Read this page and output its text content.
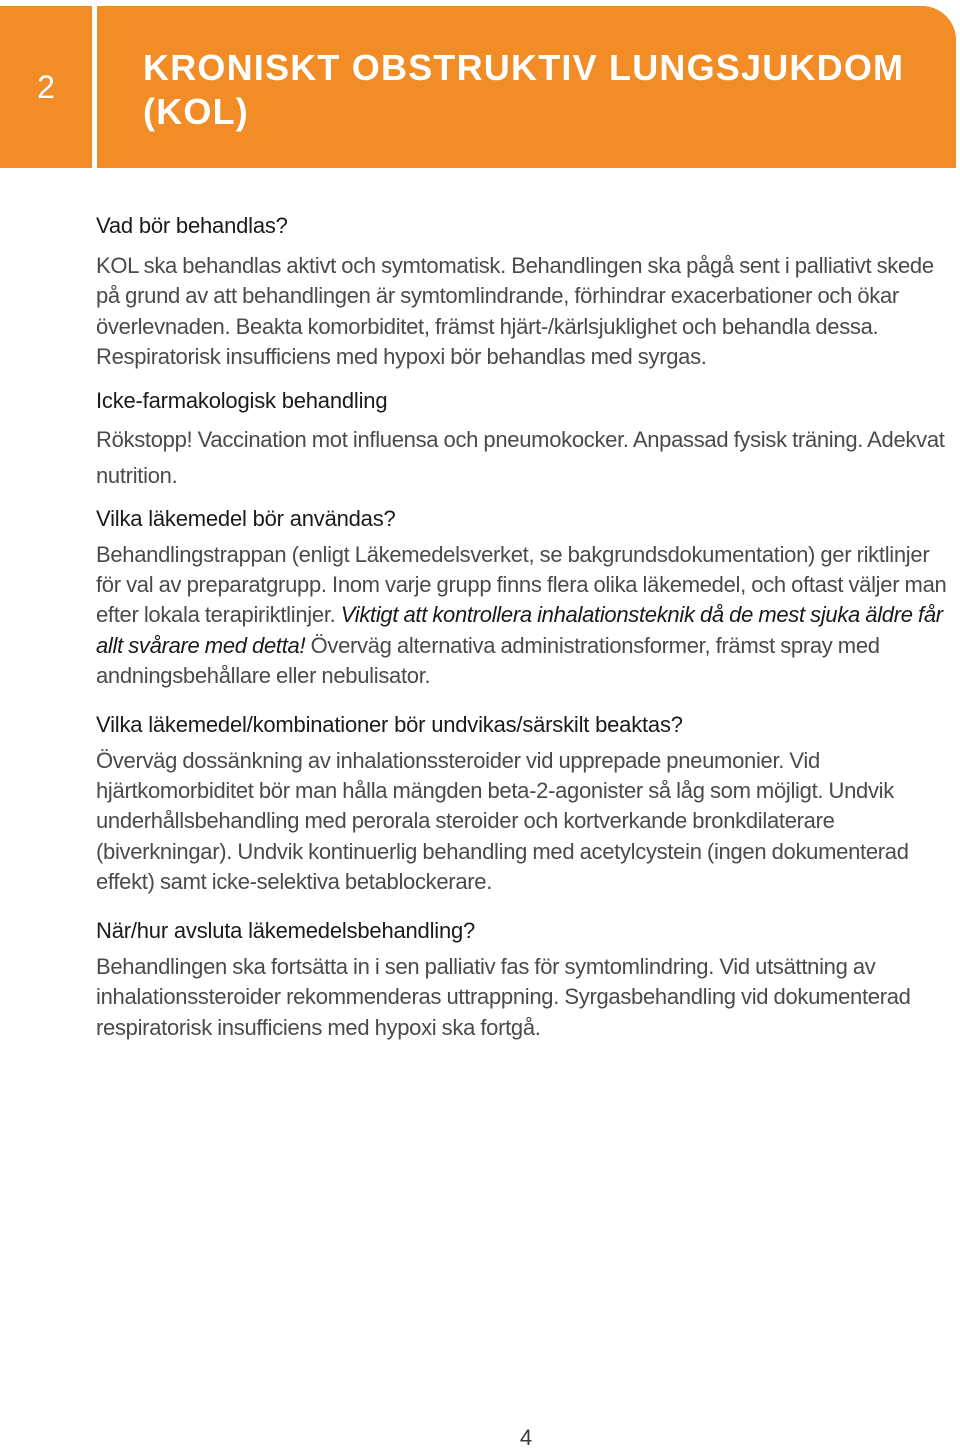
2 KRONISKT OBSTRUKTIV LUNGSJUKDOM
(KOL)
Vad bör behandlas?

KOL ska behandlas aktivt och symtomatisk. Behandlingen ska pågå sent i palliativt skede på grund av att behandlingen är symtomlindrande, förhindrar exacerbationer och ökar överlevnaden. Beakta komorbiditet, främst hjärt-/kärlsjuklighet och behandla dessa. Respiratorisk insufficiens med hypoxi bör behandlas med syrgas.

Icke-farmakologisk behandling

Rökstopp! Vaccination mot influensa och pneumokocker. Anpassad fysisk träning. Adekvat nutrition.

Vilka läkemedel bör användas?

Behandlingstrappan (enligt Läkemedelsverket, se bakgrundsdokumentation) ger riktlinjer för val av preparatgrupp. Inom varje grupp finns flera olika läkemedel, och oftast väljer man efter lokala terapiriktlinjer. Viktigt att kontrollera inhalationsteknik då de mest sjuka äldre får allt svårare med detta! Överväg alternativa administrationsformer, främst spray med andningsbehållare eller nebulisator.

Vilka läkemedel/kombinationer bör undvikas/särskilt beaktas?

Överväg dossänkning av inhalationssteroider vid upprepade pneumonier. Vid hjärtkomorbiditet bör man hålla mängden beta-2-agonister så låg som möjligt. Undvik underhållsbehandling med perorala steroider och kortverkande bronkdilaterare (biverkningar). Undvik kontinuerlig behandling med acetylcystein (ingen dokumenterad effekt) samt icke-selektiva betablockerare.

När/hur avsluta läkemedelsbehandling?

Behandlingen ska fortsätta in i sen palliativ fas för symtomlindring. Vid utsättning av inhalationssteroider rekommenderas uttrappning. Syrgasbehandling vid dokumenterad respiratorisk insufficiens med hypoxi ska fortgå.

4
